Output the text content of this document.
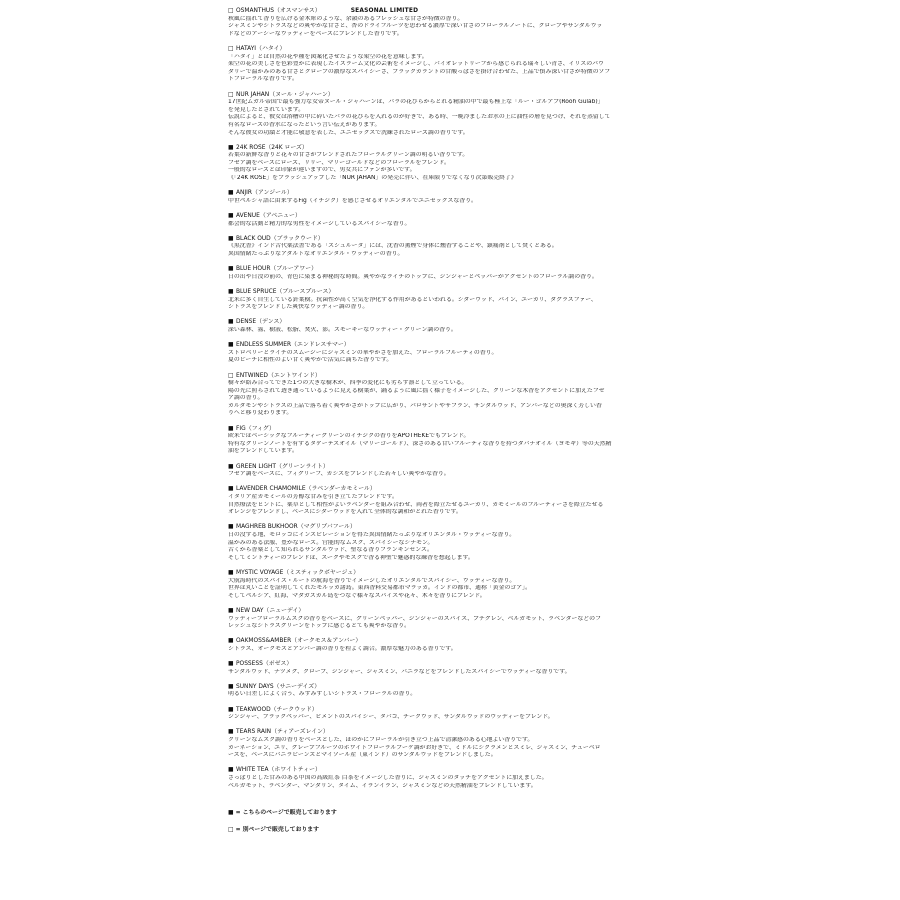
□ OSMANTHUS（オスマンサス）	SEASONAL LIMITED
秋風に揺れて香りを広げる金木犀のような、余韻のあるフレッシュな甘さが特徴の香り。
ジャスミンやシトラスなどの爽やかな甘さと、杏のドライフルーツを思わせる濃厚で深い甘さのフローラルノートに、クローブやサンダルウッ
ドなどのアーシーなウッディーをベースにブレンドした香りです。
□ HATAYI（ハタイ）
「ハタイ」とは自然の花や種を図案化させたような架空の花を意味します。
架空の花の美しさを色彩豊かに表現したイスラーム文化の芸術をイメージし、バイオレットリーフから感じられる瑞々しい青さ、イリスのパウ
ダリーで温かみのある甘さとクローブの濃厚なスパイシーさ、ブラックカラントの甘酸っぱさを掛け合わせた、上品で慎み深い甘さが特徴のソフ
トフローラルな香りです。
□ NUR JAHAN（ヌール・ジャハーン）
17世紀ムガル帝国で最も強力な女帝ヌール・ジャハーンは、バラの花びらからとれる精油の中で最も極上な「ルー・ゴルアブ(Rooh Gulab)」
を発見したとされています。
伝説によると、彼女は浴槽の中に砕いたバラの花びらを入れるのが好きで、ある時、一晩冷ましたお水の上に油性の層を見つけ、それを蒸留して
有名なローズの香水になったという言い伝えがあります。
そんな彼女の功績と才能に敬意を表した、ユニセックスで洗練されたローズ調の香りです。
■ 24K ROSE（24K ローズ）
若葉の新鮮な香りと花々の甘さがブレンドされたフローラルグリーン調の明るい香りです。
フゼア調をベースにローズ、リリー、マリーゴールドなどのフローラルをブレンド。
一般的なローズとは印象が違いますので、男女共にファンが多いです。
《「24K ROSE」をブラッシュアップした「NUR JAHAN」の発売に伴い、在庫限りでなくなり次第販売終了》
■ ANJIR（アンジール）
中世ペルシャ語に由来するFig（イチジク）を感じさせるオリエンタルでユニセックスな香り。
■ AVENUE（アベニュー）
都会的な活動と精力的な男性をイメージしているスパイシーな香り。
■ BLACK OUD（ブラックウード）
《黒沈香》インド古代薬法書である「スシュルータ」には、沈香の薫煙で身体に燻香することや、鎮痛剤として焚くとある。
異国情緒たっぷりなアダルトなオリエンタル・ウッディーの香り。
■ BLUE HOUR（ブルーアワー）
日の出や日没の前の、青色に染まる神秘的な時間。爽やかなライチのトップに、ジンジャーとペッパーがアクセントのフローラル調の香り。
■ BLUE SPRUCE（ブルースプルース）
北米に多く自生している針葉樹。抗菌性が高く空気を浄化する作用があるといわれる。シダーウッド、パイン、ユーカリ、ダグラスファー、
シトラスをブレンドした爽快なウッディー調の香り。
■ DENSE（デンス）
深い森林、霧、樹液、松脂、焚火、影。スモーキーなウッディー・グリーン調の香り。
■ ENDLESS SUMMER（エンドレスサマー）
ストロベリーとライチのスムージーにジャスミンの華やかさを加えた、フローラルフルーティの香り。
夏のビーチに相性のよい甘く爽やかで活気に満ちた香りです。
□ ENTWINED（エントワインド）
樹々が絡み合ってできた1つの大きな樹木が、四季の変化にも劣らず凛として立っている。
陽の光に照らされて透き通っているように見える樹葉が、踊るように風に揺く様子をイメージした、クリーンな木香をアクセントに加えたフゼ
ア調の香り。
カルダモンやシトラスの上品で落ち着く爽やかさがトップに広がり、パロサントやサフラン、サンダルウッド、アンバーなどの奥深く芳しい香
りへと移り変わります。
■ FIG（フィグ）
欧米ではベーシックなフルーティーグリーンのイチジクの香りをAPOTHEKEでもブレンド。
特有なグリーンノートを有するタゲーテスオイル（マリーゴールド）、深さのある甘いフルーティな香りを持つダバナオイル（ヨモギ）等の天然精
油をブレンドしています。
■ GREEN LIGHT（グリーンライト）
フゼア調をベースに、フィグリーフ、カシスをブレンドした若々しい爽やかな香り。
■ LAVENDER CHAMOMILE（ラベンダーカモミール）
イタリア産カモミールの芳醇な甘みを引き立てたブレンドです。
自然療法をヒントに、薬草として相性がよいラベンダーを組み合わせ、両者を際立たせるユーカリ、カモミールのフルーティーさを際立たせる
オレンジをブレンドし、ベースにシダーウッドを入れて全体的な調和がとれた香りです。
■ MAGHREB BUKHOOR（マグリブバフール）
日の没する地、モロッコにインスピレーションを得た異国情緒たっぷりなオリエンタル・ウッディーな香り。
温かみのある法服、豊かなローズ。官能的なムスク、スパイシーなシナモン。
古くから香薬として知られるサンダルウッド、聖なる香りフランキンセンス。
そしてミントティーのブレンドは、スークやモスクで香る神聖で魅惑的な練香を想起します。
■ MYSTIC VOYAGE（ミスティックボヤージュ）
大航海時代のスパイス・ルートの航海を香りでイメージしたオリエンタルでスパイシー、ウッディーな香り。
世界は丸いことを証明してくれたモルッカ諸島。東西香料交易都市マラッカ。インドの都市、通称「黄金のゴア」。
そしてペルシア、紅海、マダガスカル島をつなぐ様々なスパイスや花々、木々を香りにブレンド。
■ NEW DAY（ニューデイ）
ウッディーフローラルムスクの香りをベースに、グリーンペッパー、ジンジャーのスパイス、プチグレン、ベルガモット、ラベンダーなどのフ
レッシュなシトラスグリーンをトップに感じるとても爽やかな香り。
■ OAKMOSS&AMBER（オークモス＆アンバー）
シトラス、オークモスとアンバー調の香りを程よく調合。濃厚な魅力のある香りです。
■ POSSESS（ポゼス）
サンダルウッド、ナツメグ、クローブ、ジンジャー、ジャスミン、バニラなどをブレンドしたスパイシーでウッディーな香りです。
■ SUNNY DAYS（サニーデイズ）
明るい日差しによく合う、みずみずしいシトラス・フローラルの香り。
■ TEAKWOOD（チークウッド）
ジンジャー、ブラックペッパー、ピメントのスパイシー、タバコ、チークウッド、サンダルウッドのウッディーをブレンド。
■ TEARS RAIN（ティアーズレイン）
クリーンなムスク調の香りをベースとした、ほのかにフローラルが引き立つ上品で清潔感のある心地よい香りです。
カーネーション、ユリ、グレープフルーツのホワイトフローラルブーケ調がお好きで、ミドルにシクラメンとスミレ、ジャスミン、チューベロ
ーズを、ベースにバニラビーンズとマイソール産（東インド）のサンダルウッドをブレンドしました。
■ WHITE TEA（ホワイトティー）
さっぱりとした甘みのある中国の高級紅茶 白茶をイメージした香りに、ジャスミンのタッチをアクセントに加えました。
ベルガモット、ラベンダー、マンダリン、タイム、イランイラン、ジャスミンなどの天然精油をブレンドしています。
■ = こちらのページで販売しております
□ = 別ページで販売しております
